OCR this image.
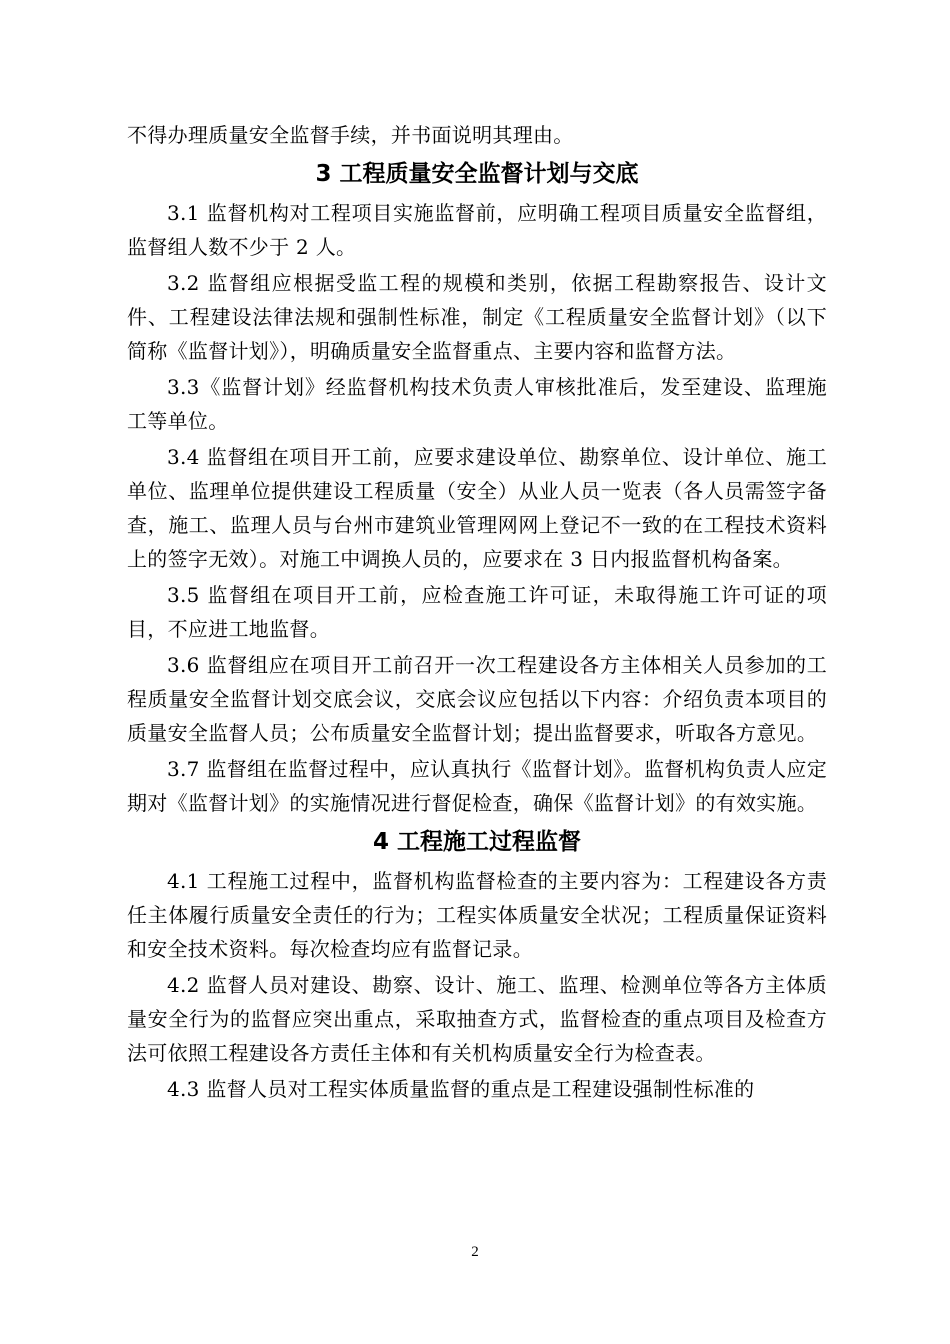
不得办理质量安全监督手续，并书面说明其理由。

3 工程质量安全监督计划与交底

3.1 监督机构对工程项目实施监督前，应明确工程项目质量安全监督组，监督组人数不少于 2 人。

3.2 监督组应根据受监工程的规模和类别，依据工程勘察报告、设计文件、工程建设法律法规和强制性标准，制定《工程质量安全监督计划》（以下简称《监督计划》），明确质量安全监督重点、主要内容和监督方法。

3.3《监督计划》经监督机构技术负责人审核批准后，发至建设、监理施工等单位。

3.4 监督组在项目开工前，应要求建设单位、勘察单位、设计单位、施工单位、监理单位提供建设工程质量（安全）从业人员一览表（各人员需签字备查，施工、监理人员与台州市建筑业管理网网上登记不一致的在工程技术资料上的签字无效）。对施工中调换人员的，应要求在 3 日内报监督机构备案。

3.5 监督组在项目开工前，应检查施工许可证，未取得施工许可证的项目，不应进工地监督。

3.6 监督组应在项目开工前召开一次工程建设各方主体相关人员参加的工程质量安全监督计划交底会议，交底会议应包括以下内容：介绍负责本项目的质量安全监督人员；公布质量安全监督计划；提出监督要求，听取各方意见。

3.7 监督组在监督过程中，应认真执行《监督计划》。监督机构负责人应定期对《监督计划》的实施情况进行督促检查，确保《监督计划》的有效实施。

4 工程施工过程监督

4.1 工程施工过程中，监督机构监督检查的主要内容为：工程建设各方责任主体履行质量安全责任的行为；工程实体质量安全状况；工程质量保证资料和安全技术资料。每次检查均应有监督记录。

4.2 监督人员对建设、勘察、设计、施工、监理、检测单位等各方主体质量安全行为的监督应突出重点，采取抽查方式，监督检查的重点项目及检查方法可依照工程建设各方责任主体和有关机构质量安全行为检查表。

4.3 监督人员对工程实体质量监督的重点是工程建设强制性标准的

2
